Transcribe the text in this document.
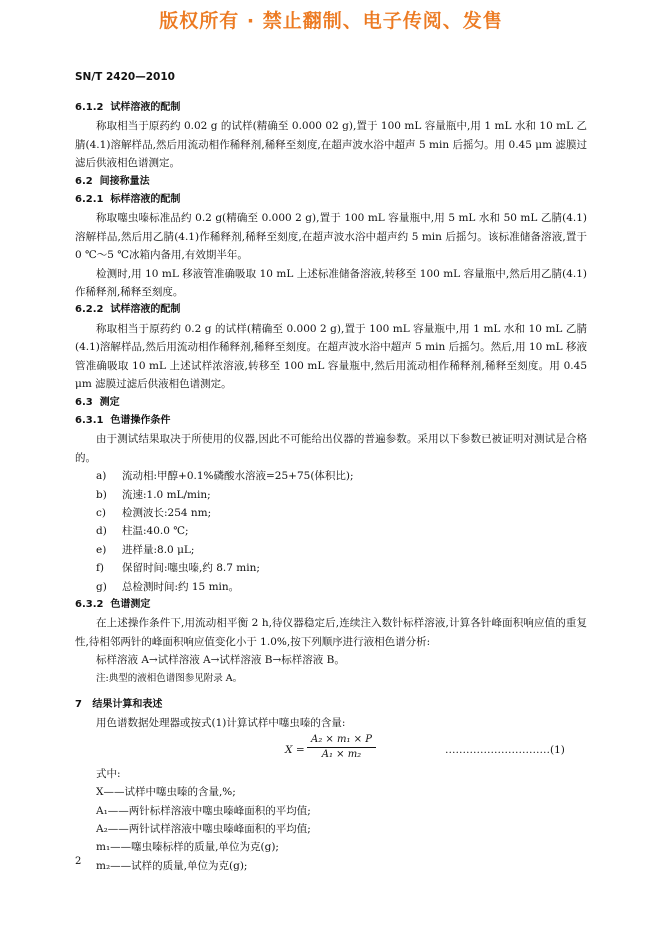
版权所有 · 禁止翻制、电子传阅、发售
SN/T 2420—2010

6.1.2  试样溶液的配制

称取相当于原药约 0.02 g 的试样(精确至 0.000 02 g),置于 100 mL 容量瓶中,用 1 mL 水和 10 mL 乙腈(4.1)溶解样品,然后用流动相作稀释剂,稀释至刻度,在超声波水浴中超声 5 min 后摇匀。用 0.45 μm 滤膜过滤后供液相色谱测定。

6.2  间接称量法

6.2.1  标样溶液的配制

称取噻虫嗪标准品约 0.2 g(精确至 0.000 2 g),置于 100 mL 容量瓶中,用 5 mL 水和 50 mL 乙腈(4.1)溶解样品,然后用乙腈(4.1)作稀释剂,稀释至刻度,在超声波水浴中超声约 5 min 后摇匀。该标准储备溶液,置于 0 ℃～5 ℃冰箱内备用,有效期半年。

检测时,用 10 mL 移液管准确吸取 10 mL 上述标准储备溶液,转移至 100 mL 容量瓶中,然后用乙腈(4.1)作稀释剂,稀释至刻度。

6.2.2  试样溶液的配制

称取相当于原药约 0.2 g 的试样(精确至 0.000 2 g),置于 100 mL 容量瓶中,用 1 mL 水和 10 mL 乙腈(4.1)溶解样品,然后用流动相作稀释剂,稀释至刻度。在超声波水浴中超声 5 min 后摇匀。然后,用 10 mL 移液管准确吸取 10 mL 上述试样浓溶液,转移至 100 mL 容量瓶中,然后用流动相作稀释剂,稀释至刻度。用 0.45 μm 滤膜过滤后供液相色谱测定。

6.3  测定

6.3.1  色谱操作条件

由于测试结果取决于所使用的仪器,因此不可能给出仪器的普遍参数。采用以下参数已被证明对测试是合格的。

a) 流动相:甲醇+0.1%磷酸水溶液=25+75(体积比);

b) 流速:1.0 mL/min;

c) 检测波长:254 nm;

d) 柱温:40.0 ℃;

e) 进样量:8.0 μL;

f) 保留时间:噻虫嗪,约 8.7 min;

g) 总检测时间:约 15 min。

6.3.2  色谱测定

在上述操作条件下,用流动相平衡 2 h,待仪器稳定后,连续注入数针标样溶液,计算各针峰面积响应值的重复性,待相邻两针的峰面积响应值变化小于 1.0%,按下列顺序进行液相色谱分析:

标样溶液 A→试样溶液 A→试样溶液 B→标样溶液 B。

注:典型的液相色谱图参见附录 A。

7   结果计算和表述

用色谱数据处理器或按式(1)计算试样中噻虫嗪的含量:

$X = \frac{\text{A₂ × m₁ × P}}{\text{A₁ × m₂}}$	…………………………(1)

式中:

X——试样中噻虫嗪的含量,%;

A₁——两针标样溶液中噻虫嗪峰面积的平均值;

A₂——两针试样溶液中噻虫嗪峰面积的平均值;

m₁——噻虫嗪标样的质量,单位为克(g);

m₂——试样的质量,单位为克(g);

2
